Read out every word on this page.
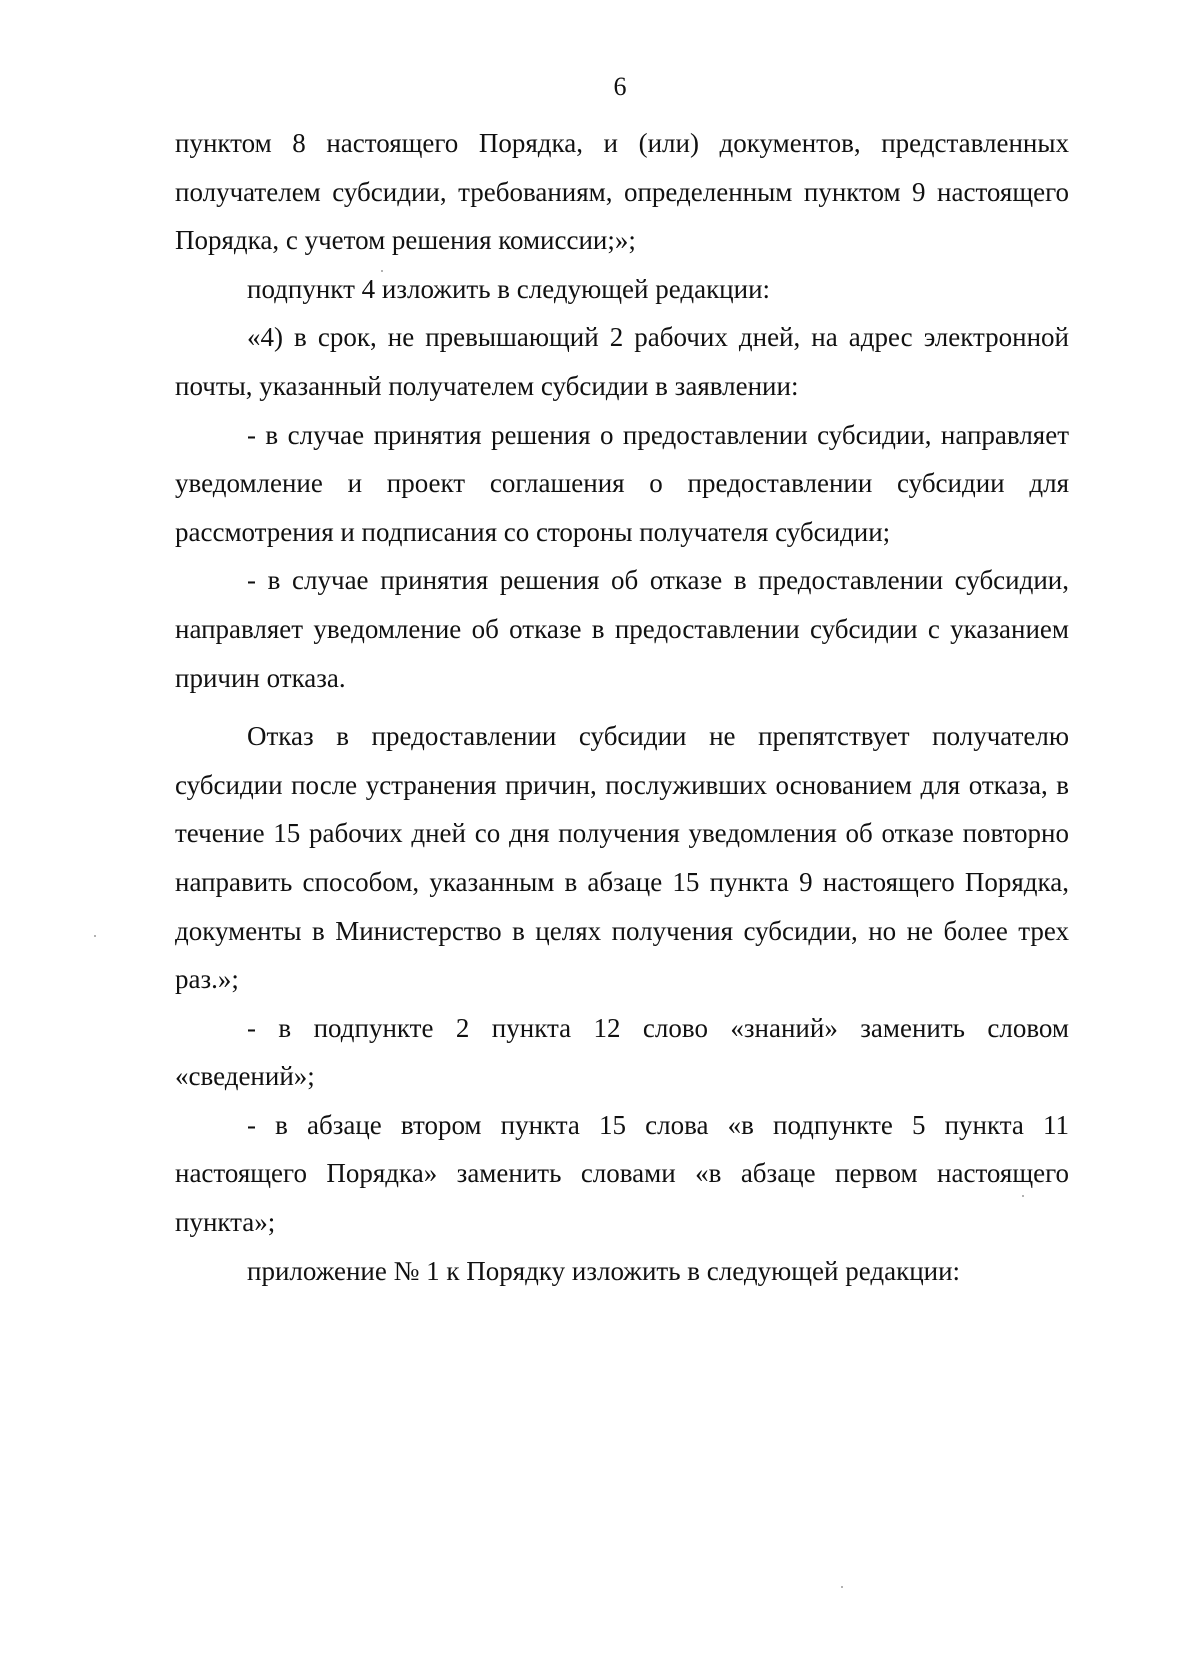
6

пунктом 8 настоящего Порядка, и (или) документов, представленных получателем субсидии, требованиям, определенным пунктом 9 настоящего Порядка, с учетом решения комиссии;»;

подпункт 4 изложить в следующей редакции:

«4) в срок, не превышающий 2 рабочих дней, на адрес электронной почты, указанный получателем субсидии в заявлении:

- в случае принятия решения о предоставлении субсидии, направляет уведомление и проект соглашения о предоставлении субсидии для рассмотрения и подписания со стороны получателя субсидии;

- в случае принятия решения об отказе в предоставлении субсидии, направляет уведомление об отказе в предоставлении субсидии с указанием причин отказа.

Отказ в предоставлении субсидии не препятствует получателю субсидии после устранения причин, послуживших основанием для отказа, в течение 15 рабочих дней со дня получения уведомления об отказе повторно направить способом, указанным в абзаце 15 пункта 9 настоящего Порядка, документы в Министерство в целях получения субсидии, но не более трех раз.»;

- в подпункте 2 пункта 12 слово «знаний» заменить словом «сведений»;

- в абзаце втором пункта 15 слова «в подпункте 5 пункта 11 настоящего Порядка» заменить словами «в абзаце первом настоящего пункта»;

приложение № 1 к Порядку изложить в следующей редакции:
